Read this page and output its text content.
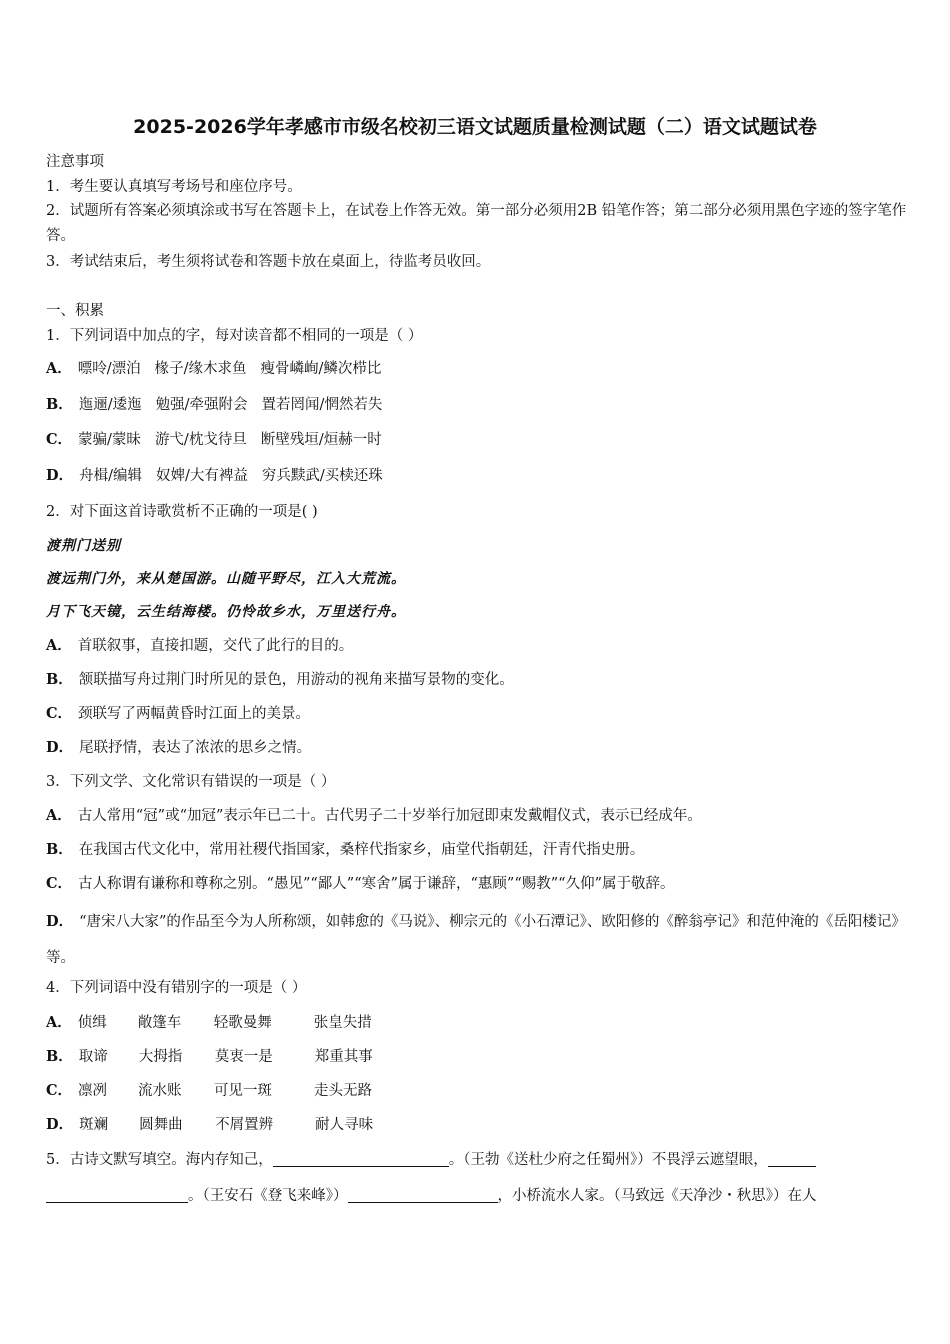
2025-2026学年孝感市市级名校初三语文试题质量检测试题（二）语文试题试卷
注意事项
1．考生要认真填写考场号和座位序号。
2．试题所有答案必须填涂或书写在答题卡上，在试卷上作答无效。第一部分必须用2B 铅笔作答；第二部分必须用黑色字迹的签字笔作答。
3．考试结束后，考生须将试卷和答题卡放在桌面上，待监考员收回。
一、积累
1．下列词语中加点的字，每对读音都不相同的一项是（ ）
A． 嘌呤/漂泊 椽子/缘木求鱼 瘦骨嶙峋/鳞次栉比
B． 迤逦/逶迤 勉强/牵强附会 置若罔闻/惘然若失
C． 蒙骗/蒙昧 游弋/枕戈待旦 断壁残垣/烜赫一时
D． 舟楫/编辑 奴婢/大有裨益 穷兵黩武/买椟还珠
2．对下面这首诗歌赏析不正确的一项是( )
渡荆门送别
渡远荆门外，来从楚国游。山随平野尽，江入大荒流。
月下飞天镜，云生结海楼。仍怜故乡水，万里送行舟。
A． 首联叙事，直接扣题，交代了此行的目的。
B． 颔联描写舟过荆门时所见的景色，用游动的视角来描写景物的变化。
C． 颈联写了两幅黄昏时江面上的美景。
D． 尾联抒情，表达了浓浓的思乡之情。
3．下列文学、文化常识有错误的一项是（ ）
A． 古人常用“冠”或“加冠”表示年已二十。古代男子二十岁举行加冠即束发戴帽仪式，表示已经成年。
B． 在我国古代文化中，常用社稷代指国家，桑梓代指家乡，庙堂代指朝廷，汗青代指史册。
C． 古人称谓有谦称和尊称之别。“愚见”“鄙人”“寒舍”属于谦辞，“惠顾”“赐教”“久仰”属于敬辞。
D． “唐宋八大家”的作品至今为人所称颂，如韩愈的《马说》、柳宗元的《小石潭记》、欧阳修的《醉翁亭记》和范仲淹的《岳阳楼记》等。
4．下列词语中没有错别字的一项是（ ）
A． 侦缉 敞篷车 轻歌曼舞	张皇失措
B． 取谛 大拇指 莫衷一是	郑重其事
C． 凛冽 流水账 可见一斑	走头无路
D． 斑斓 圆舞曲 不屑置辨	耐人寻味
5．古诗文默写填空。海内存知己，	。（王勃《送杜少府之任蜀州》）不畏浮云遮望眼，
。（王安石《登飞来峰》）	，小桥流水人家。（马致远《天净沙・秋思》）在人
